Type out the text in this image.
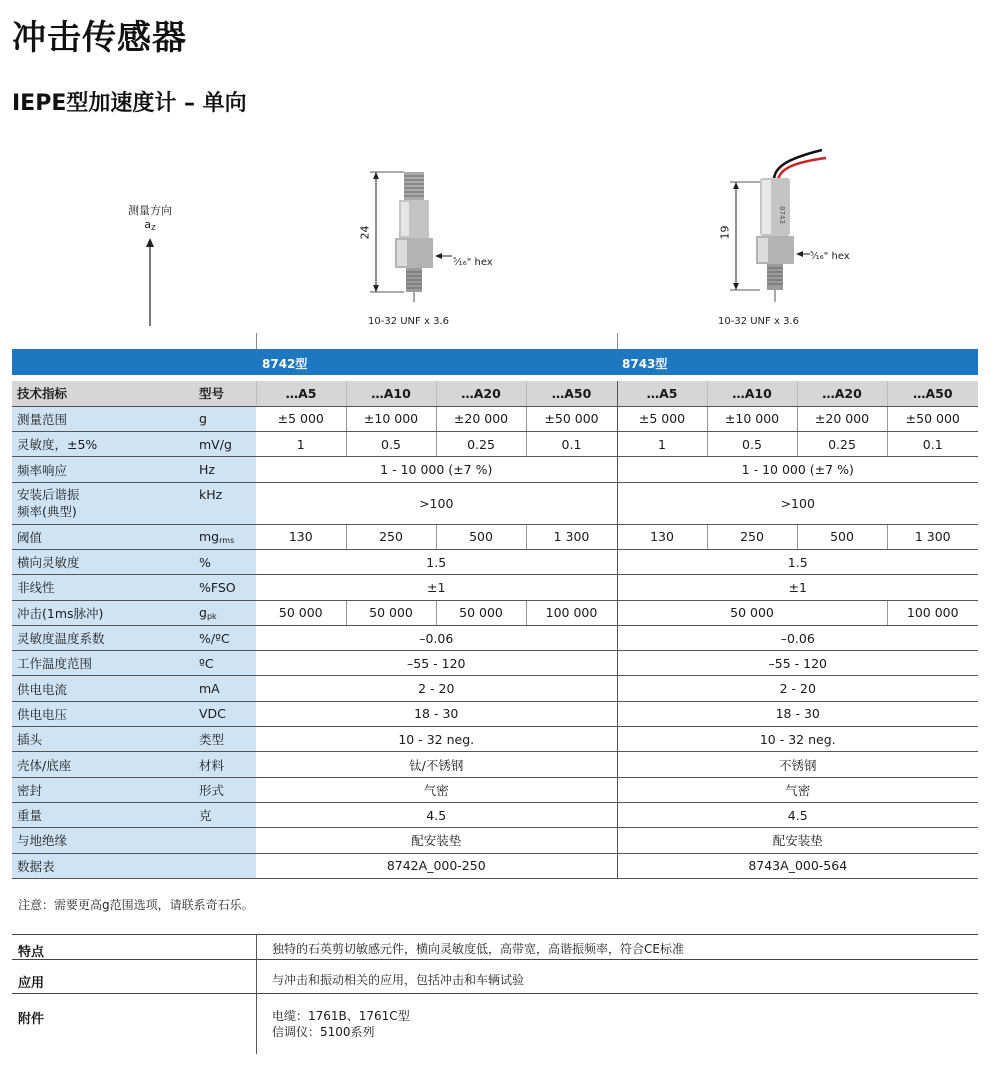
冲击传感器
IEPE型加速度计 – 单向
测量方向
$a_z$	24
⁵⁄₁₆" hex
10-32 UNF x 3.6
8743
19
⁵⁄₁₆" hex
10-32 UNF x 3.6
8742型	8743型
技术指标	型号	…A5	…A10	…A20	…A50	…A5	…A10	…A20	…A50
测量范围	g	±5 000	±10 000	±20 000	±50 000	±5 000	±10 000	±20 000	±50 000
灵敏度，±5%	mV/g	1	0.5	0.25	0.1	1	0.5	0.25	0.1
频率响应	Hz	1 - 10 000 (±7 %)				1 - 10 000 (±7 %)			

安装后谐振
频率(典型)	kHz	>100				>100			
阈值	$mg_{rms}$	130	250	500	1 300	130	250	500	1 300
横向灵敏度	%	1.5				1.5			
非线性	%FSO	±1				±1			
冲击(1ms脉冲)	$g_{pk}$	50 000	50 000	50 000	100 000	50 000			100 000
灵敏度温度系数	%/ºC	–0.06				–0.06			
工作温度范围	ºC	–55 - 120				–55 - 120			
供电电流	mA	2 - 20				2 - 20			
供电电压	VDC	18 - 30				18 - 30			
插头	类型	10 - 32 neg.				10 - 32 neg.			
壳体/底座	材料	钛/不锈钢				不锈钢			
密封	形式	气密				气密			
重量	克	4.5				4.5			
与地绝缘		配安装垫				配安装垫			
数据表		8742A_000-250				8743A_000-564			
注意：需要更高g范围选项，请联系奇石乐。
特点	独特的石英剪切敏感元件，横向灵敏度低，高带宽，高谐振频率，符合CE标准
应用	与冲击和振动相关的应用，包括冲击和车辆试验
附件	电缆：1761B、1761C型
信调仪：5100系列
